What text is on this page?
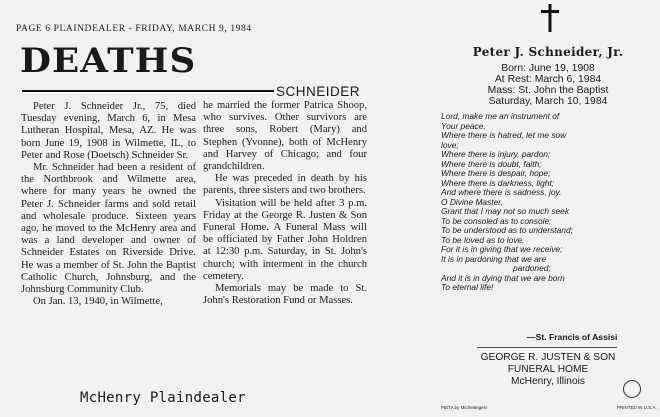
PAGE 6 PLAINDEALER - FRIDAY, MARCH 9, 1984
DEATHS
SCHNEIDER

Peter J. Schneider Jr., 75, died Tuesday evening, March 6, in Mesa Lutheran Hospital, Mesa, AZ. He was born June 19, 1908 in Wilmette, IL, to Peter and Rose (Doetsch) Schneider Sr.

Mr. Schneider had been a resident of the Northbrook and Wilmette area, where for many years he owned the Peter J. Schneider farms and sold retail and wholesale produce. Sixteen years ago, he moved to the McHenry area and was a land developer and owner of Schneider Estates on Riverside Drive. He was a member of St. John the Baptist Catholic Church, Johnsburg, and the Johnsburg Community Club.

On Jan. 13, 1940, in Wilmette,

he married the former Patrica Shoop, who survives. Other survivors are three sons, Robert (Mary) and Stephen (Yvonne), both of McHenry and Harvey of Chicago; and four grandchildren.

He was preceded in death by his parents, three sisters and two brothers.

Visitation will be held after 3 p.m. Friday at the George R. Justen & Son Funeral Home. A Funeral Mass will be officiated by Father John Holdren at 12:30 p.m. Saturday, in St. John's church; with interment in the church cemetery.

Memorials may be made to St. John's Restoration Fund or Masses.

McHenry Plaindealer
Peter J. Schneider, Jr.
Born: June 19, 1908
At Rest: March 6, 1984
Mass: St. John the Baptist
Saturday, March 10, 1984
Lord, make me an instrument of
Your peace.
Where there is hatred, let me sow
love;
Where there is injury, pardon;
Where there is doubt, faith;
Where there is despair, hope;
Where there is darkness, light;
And where there is sadness, joy.
O Divine Master,
Grant that I may not so much seek
To be consoled as to console;
To be understood as to understand;
To be loved as to love.
For it is in giving that we receive;
It is in pardoning that we are
pardoned;
And it is in dying that we are born
To eternal life!
—St. Francis of Assisi
GEORGE R. JUSTEN & SON
FUNERAL HOME
McHenry, Illinois
PIETA by Michelangelo	PRINTED IN U.S.A.
